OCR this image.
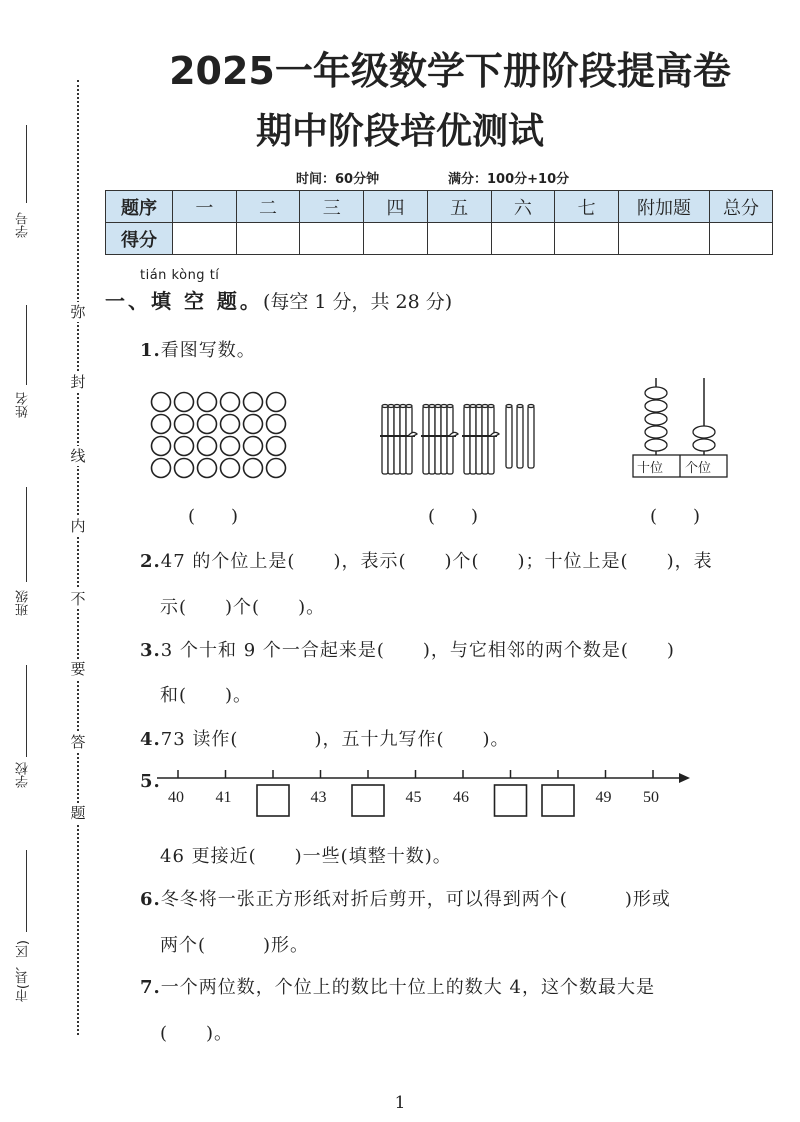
学号
姓名
班级
学校
市(县、区)
弥
封
线
内
不
要
答
题
2025一年级数学下册阶段提高卷
期中阶段培优测试
时间：60分钟	满分：100分+10分
题序	一	二	三	四	五	六	七	附加题	总分
得分									
tián kòng tí
一、填 空 题。(每空 1 分，共 28 分)
1.看图写数。
十位 个位
(　　)	(　　)	(　　)
2.47 的个位上是(　　)，表示(　　)个(　　)；十位上是(　　)，表
示(　　)个(　　)。
3.3 个十和 9 个一合起来是(　　)，与它相邻的两个数是(　　)
和(　　)。
4.73 读作(　　　　)，五十九写作(　　)。
5.
40 41	43	45 46	49 50
46 更接近(　　)一些(填整十数)。
6.冬冬将一张正方形纸对折后剪开，可以得到两个(　　　)形或
两个(　　　)形。
7.一个两位数，个位上的数比十位上的数大 4，这个数最大是
(　　)。
1
